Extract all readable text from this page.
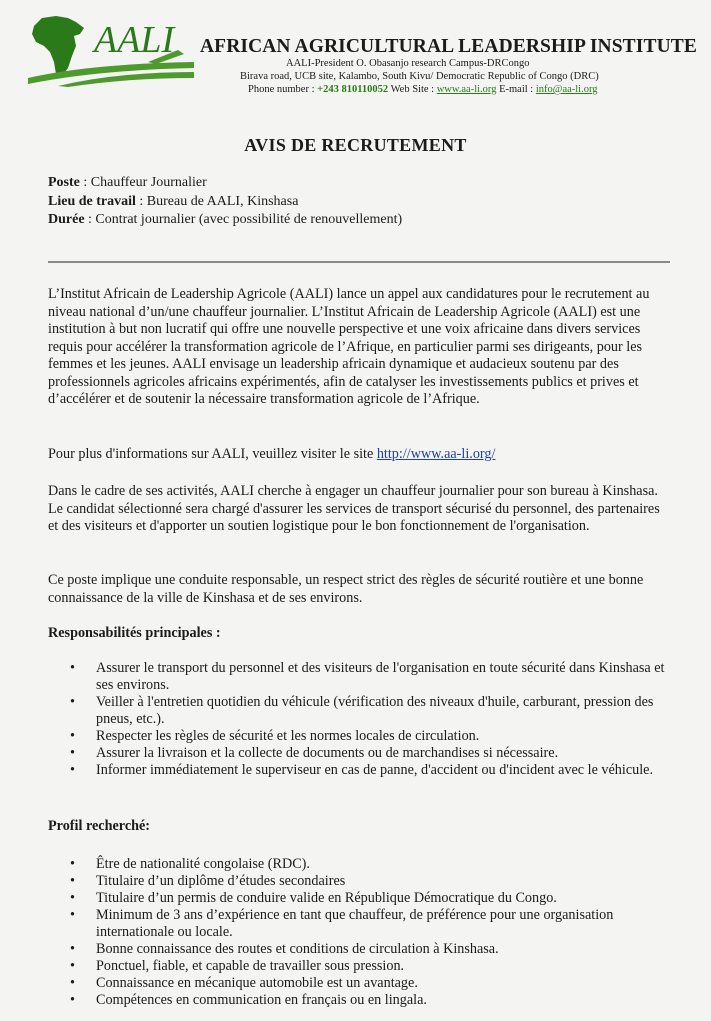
AALI AFRICAN AGRICULTURAL LEADERSHIP INSTITUTE
AALI-President O. Obasanjo research Campus-DRCongo
Birava road, UCB site, Kalambo, South Kivu/ Democratic Republic of Congo (DRC)
Phone number : +243 810110052 Web Site : www.aa-li.org E-mail : info@aa-li.org
AVIS DE RECRUTEMENT
Poste : Chauffeur Journalier
Lieu de travail : Bureau de AALI, Kinshasa
Durée : Contrat journalier (avec possibilité de renouvellement)
L’Institut Africain de Leadership Agricole (AALI) lance un appel aux candidatures pour le recrutement au niveau national d’un/une chauffeur journalier. L’Institut Africain de Leadership Agricole (AALI) est une institution à but non lucratif qui offre une nouvelle perspective et une voix africaine dans divers services requis pour accélérer la transformation agricole de l’Afrique, en particulier parmi ses dirigeants, pour les femmes et les jeunes. AALI envisage un leadership africain dynamique et audacieux soutenu par des professionnels agricoles africains expérimentés, afin de catalyser les investissements publics et prives et d’accélérer et de soutenir la nécessaire transformation agricole de l’Afrique.
Pour plus d'informations sur AALI, veuillez visiter le site http://www.aa-li.org/
Dans le cadre de ses activités, AALI cherche à engager un chauffeur journalier pour son bureau à Kinshasa. Le candidat sélectionné sera chargé d'assurer les services de transport sécurisé du personnel, des partenaires et des visiteurs et d'apporter un soutien logistique pour le bon fonctionnement de l'organisation.
Ce poste implique une conduite responsable, un respect strict des règles de sécurité routière et une bonne connaissance de la ville de Kinshasa et de ses environs.
Responsabilités principales :
• Assurer le transport du personnel et des visiteurs de l'organisation en toute sécurité dans Kinshasa et ses environs.
• Veiller à l'entretien quotidien du véhicule (vérification des niveaux d'huile, carburant, pression des pneus, etc.).
• Respecter les règles de sécurité et les normes locales de circulation.
• Assurer la livraison et la collecte de documents ou de marchandises si nécessaire.
• Informer immédiatement le superviseur en cas de panne, d'accident ou d'incident avec le véhicule.
Profil recherché:
• Être de nationalité congolaise (RDC).
• Titulaire d’un diplôme d’études secondaires
• Titulaire d’un permis de conduire valide en République Démocratique du Congo.
• Minimum de 3 ans d’expérience en tant que chauffeur, de préférence pour une organisation internationale ou locale.
• Bonne connaissance des routes et conditions de circulation à Kinshasa.
• Ponctuel, fiable, et capable de travailler sous pression.
• Connaissance en mécanique automobile est un avantage.
• Compétences en communication en français ou en lingala.
